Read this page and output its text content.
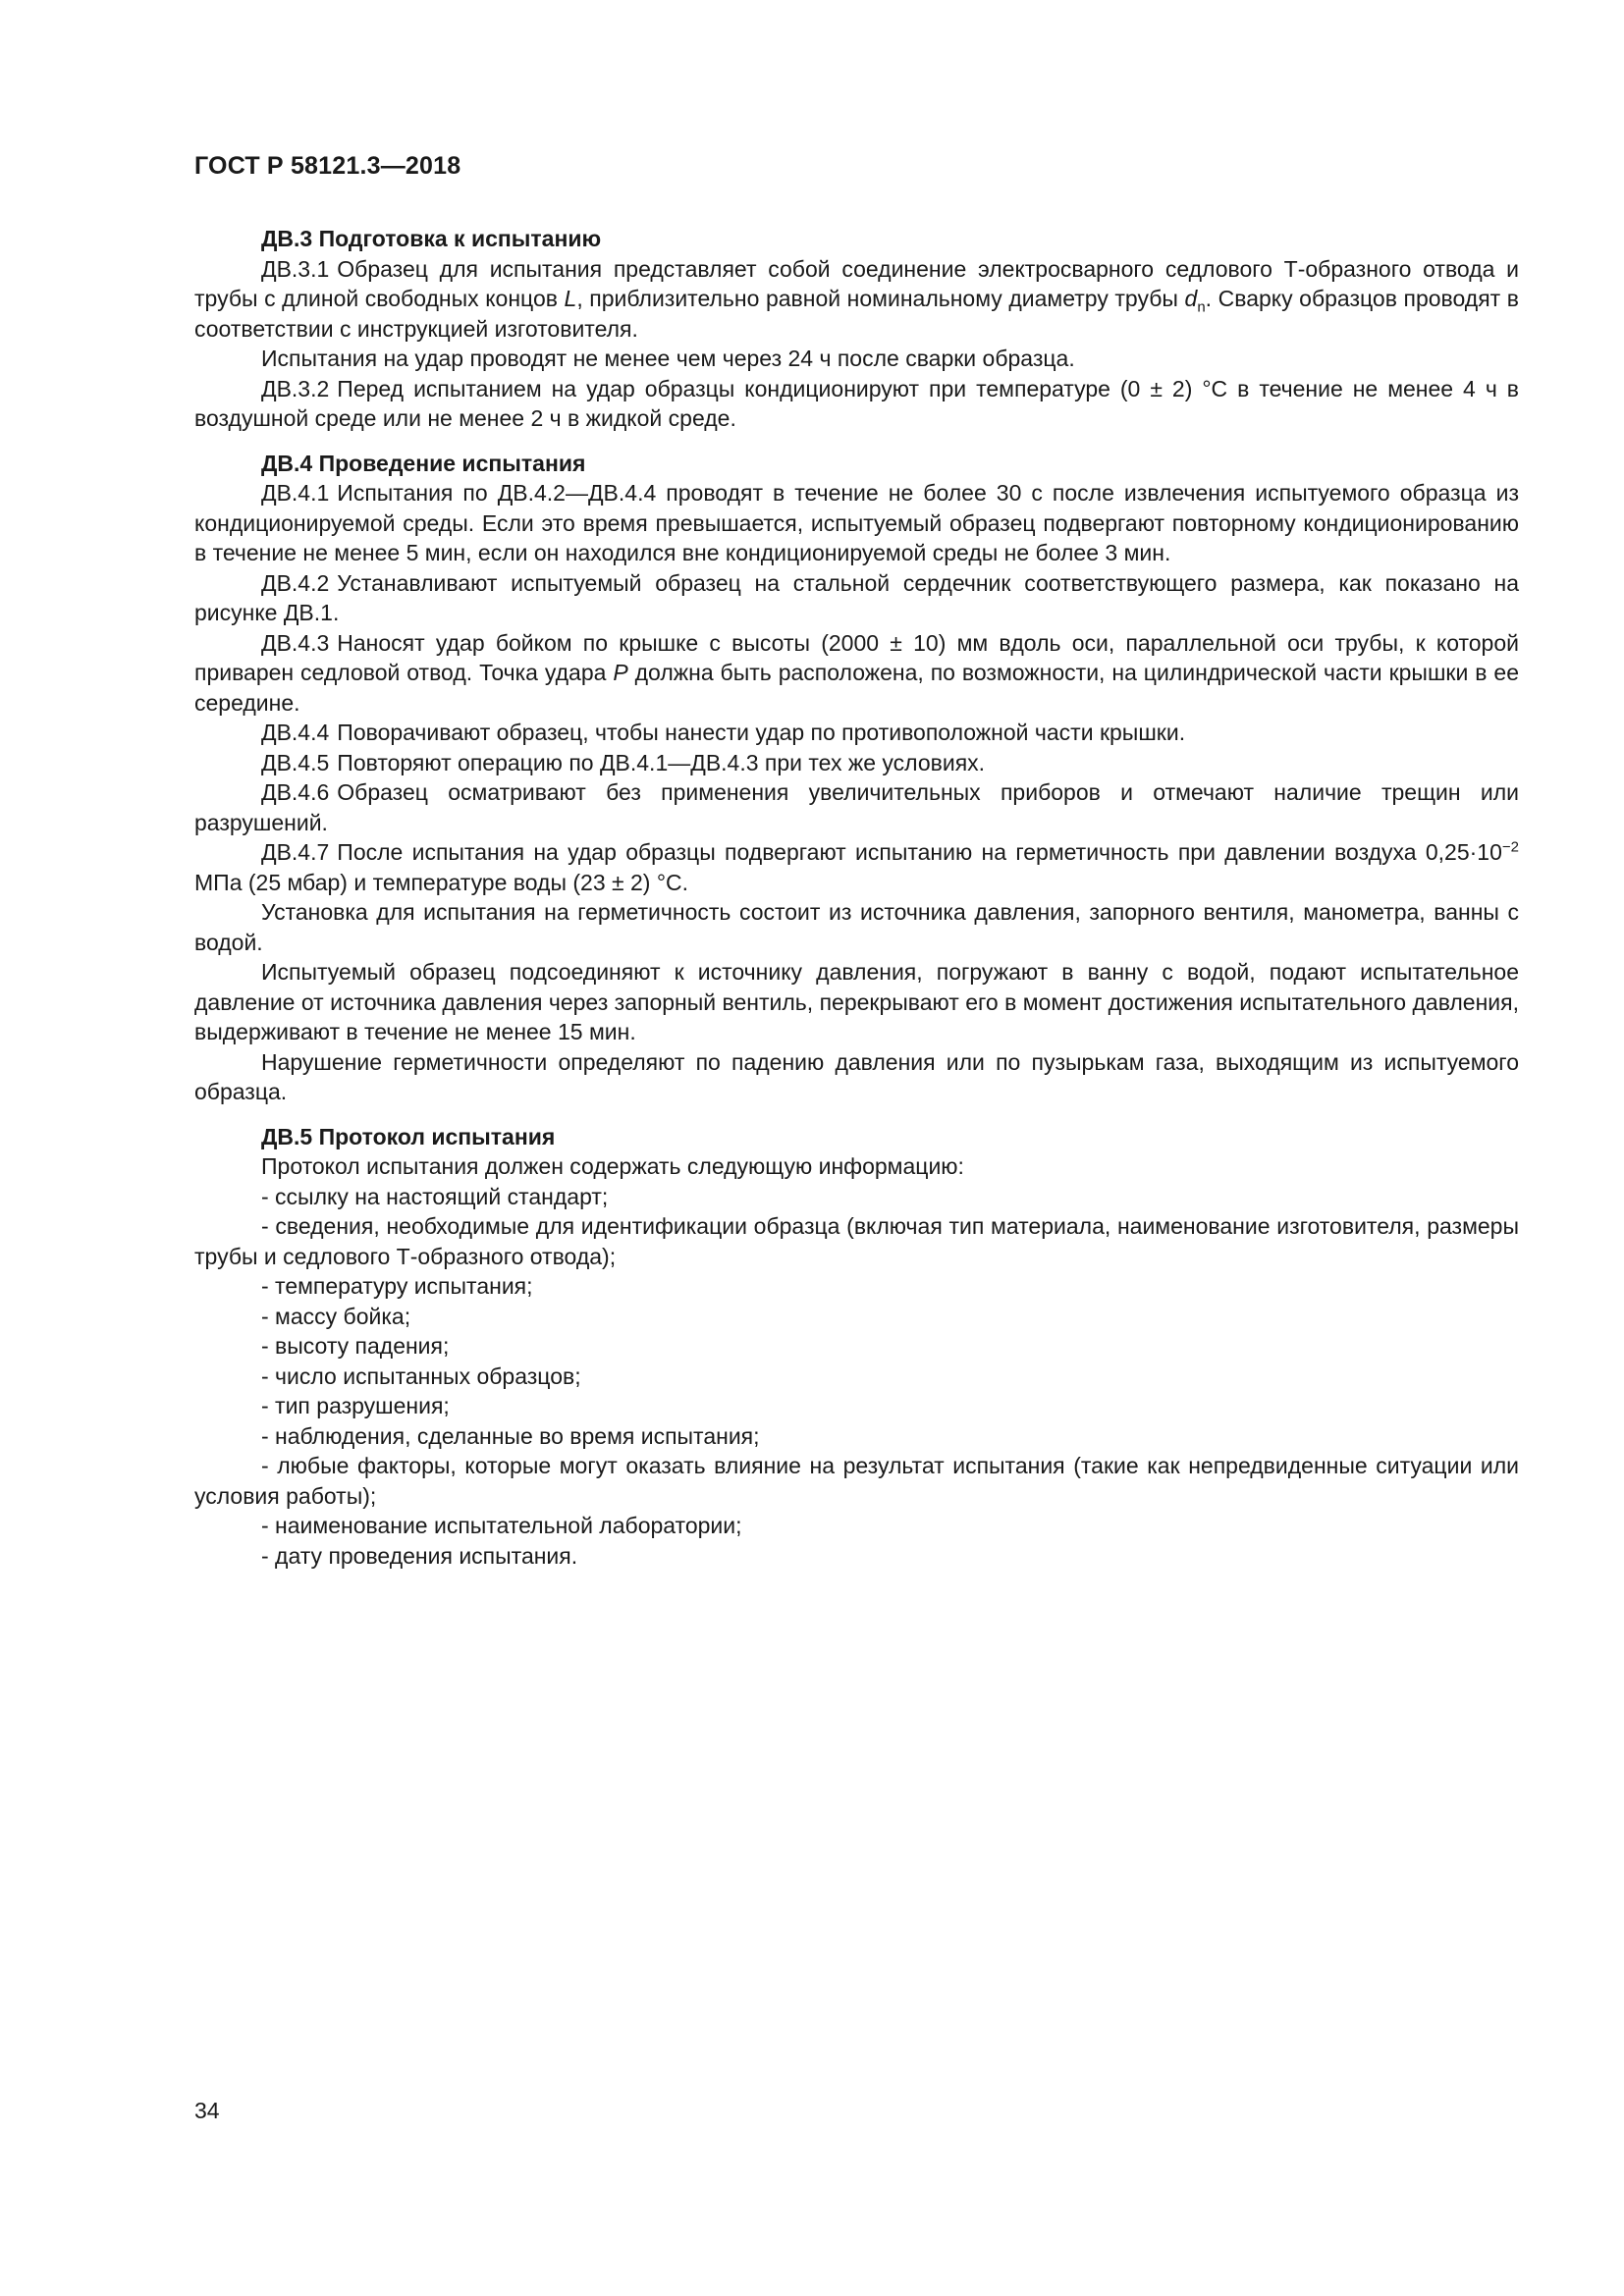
ГОСТ Р 58121.3—2018

ДВ.3 Подготовка к испытанию

ДВ.3.1 Образец для испытания представляет собой соединение электросварного седлового Т-образного отвода и трубы с длиной свободных концов L, приблизительно равной номинальному диаметру трубы $d_n$. Сварку образцов проводят в соответствии с инструкцией изготовителя.

Испытания на удар проводят не менее чем через 24 ч после сварки образца.

ДВ.3.2 Перед испытанием на удар образцы кондиционируют при температуре (0 ± 2) °С в течение не менее 4 ч в воздушной среде или не менее 2 ч в жидкой среде.

ДВ.4 Проведение испытания

ДВ.4.1 Испытания по ДВ.4.2—ДВ.4.4 проводят в течение не более 30 с после извлечения испытуемого образца из кондиционируемой среды. Если это время превышается, испытуемый образец подвергают повторному кондиционированию в течение не менее 5 мин, если он находился вне кондиционируемой среды не более 3 мин.

ДВ.4.2 Устанавливают испытуемый образец на стальной сердечник соответствующего размера, как показано на рисунке ДВ.1.

ДВ.4.3 Наносят удар бойком по крышке с высоты (2000 ± 10) мм вдоль оси, параллельной оси трубы, к которой приварен седловой отвод. Точка удара Р должна быть расположена, по возможности, на цилиндрической части крышки в ее середине.

ДВ.4.4 Поворачивают образец, чтобы нанести удар по противоположной части крышки.

ДВ.4.5 Повторяют операцию по ДВ.4.1—ДВ.4.3 при тех же условиях.

ДВ.4.6 Образец осматривают без применения увеличительных приборов и отмечают наличие трещин или разрушений.

ДВ.4.7 После испытания на удар образцы подвергают испытанию на герметичность при давлении воздуха $0,25\cdot 10^{-2}$ МПа (25 мбар) и температуре воды (23 ± 2) °С.

Установка для испытания на герметичность состоит из источника давления, запорного вентиля, манометра, ванны с водой.

Испытуемый образец подсоединяют к источнику давления, погружают в ванну с водой, подают испытательное давление от источника давления через запорный вентиль, перекрывают его в момент достижения испытательного давления, выдерживают в течение не менее 15 мин.

Нарушение герметичности определяют по падению давления или по пузырькам газа, выходящим из испытуемого образца.

ДВ.5 Протокол испытания

Протокол испытания должен содержать следующую информацию:

- ссылку на настоящий стандарт;

- сведения, необходимые для идентификации образца (включая тип материала, наименование изготовителя, размеры трубы и седлового Т-образного отвода);

- температуру испытания;

- массу бойка;

- высоту падения;

- число испытанных образцов;

- тип разрушения;

- наблюдения, сделанные во время испытания;

- любые факторы, которые могут оказать влияние на результат испытания (такие как непредвиденные ситуации или условия работы);

- наименование испытательной лаборатории;

- дату проведения испытания.

34
